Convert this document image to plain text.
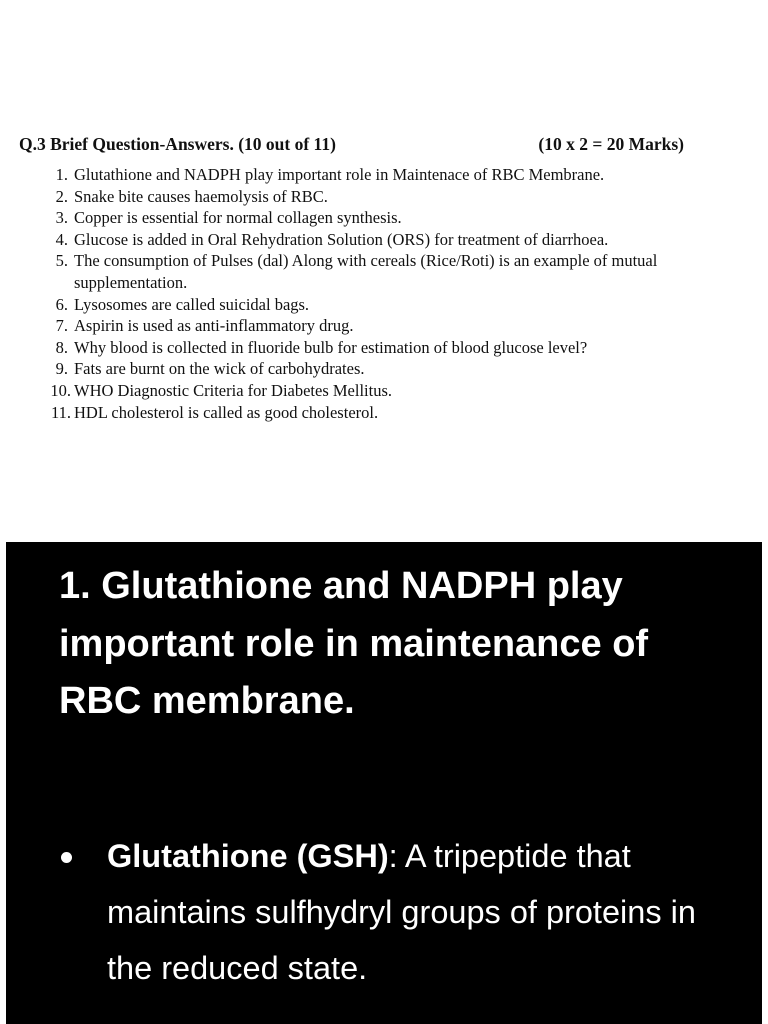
Q.3 Brief Question-Answers. (10 out of 11)	(10 x 2 = 20 Marks)
1. Glutathione and NADPH play important role in Maintenace of RBC Membrane.
2. Snake bite causes haemolysis of RBC.
3. Copper is essential for normal collagen synthesis.
4. Glucose is added in Oral Rehydration Solution (ORS) for treatment of diarrhoea.
5. The consumption of Pulses (dal) Along with cereals (Rice/Roti) is an example of mutual supplementation.
6. Lysosomes are called suicidal bags.
7. Aspirin is used as anti-inflammatory drug.
8. Why blood is collected in fluoride bulb for estimation of blood glucose level?
9. Fats are burnt on the wick of carbohydrates.
10. WHO Diagnostic Criteria for Diabetes Mellitus.
11. HDL cholesterol is called as good cholesterol.
1. Glutathione and NADPH play important role in maintenance of RBC membrane.

Glutathione (GSH): A tripeptide that maintains sulfhydryl groups of proteins in the reduced state.
